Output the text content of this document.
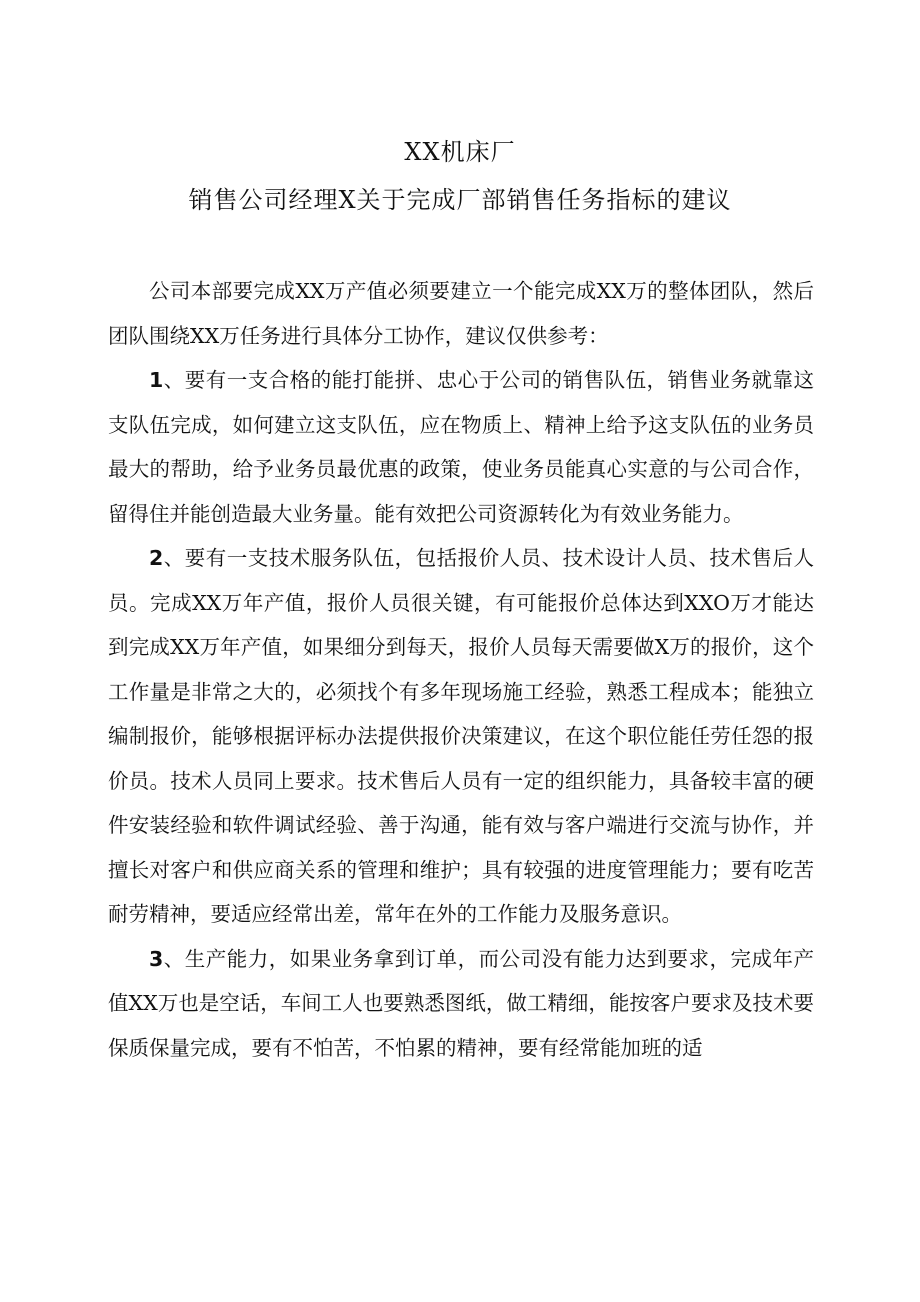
XX机床厂
销售公司经理X关于完成厂部销售任务指标的建议

公司本部要完成XX万产值必须要建立一个能完成XX万的整体团队，然后团队围绕XX万任务进行具体分工协作，建议仅供参考：

1、要有一支合格的能打能拼、忠心于公司的销售队伍，销售业务就靠这支队伍完成，如何建立这支队伍，应在物质上、精神上给予这支队伍的业务员最大的帮助，给予业务员最优惠的政策，使业务员能真心实意的与公司合作，留得住并能创造最大业务量。能有效把公司资源转化为有效业务能力。

2、要有一支技术服务队伍，包括报价人员、技术设计人员、技术售后人员。完成XX万年产值，报价人员很关键，有可能报价总体达到XXO万才能达到完成XX万年产值，如果细分到每天，报价人员每天需要做X万的报价，这个工作量是非常之大的，必须找个有多年现场施工经验，熟悉工程成本；能独立编制报价，能够根据评标办法提供报价决策建议，在这个职位能任劳任怨的报价员。技术人员同上要求。技术售后人员有一定的组织能力，具备较丰富的硬件安装经验和软件调试经验、善于沟通，能有效与客户端进行交流与协作，并擅长对客户和供应商关系的管理和维护；具有较强的进度管理能力；要有吃苦耐劳精神，要适应经常出差，常年在外的工作能力及服务意识。

3、生产能力，如果业务拿到订单，而公司没有能力达到要求，完成年产值XX万也是空话，车间工人也要熟悉图纸，做工精细，能按客户要求及技术要保质保量完成，要有不怕苦，不怕累的精神，要有经常能加班的适
